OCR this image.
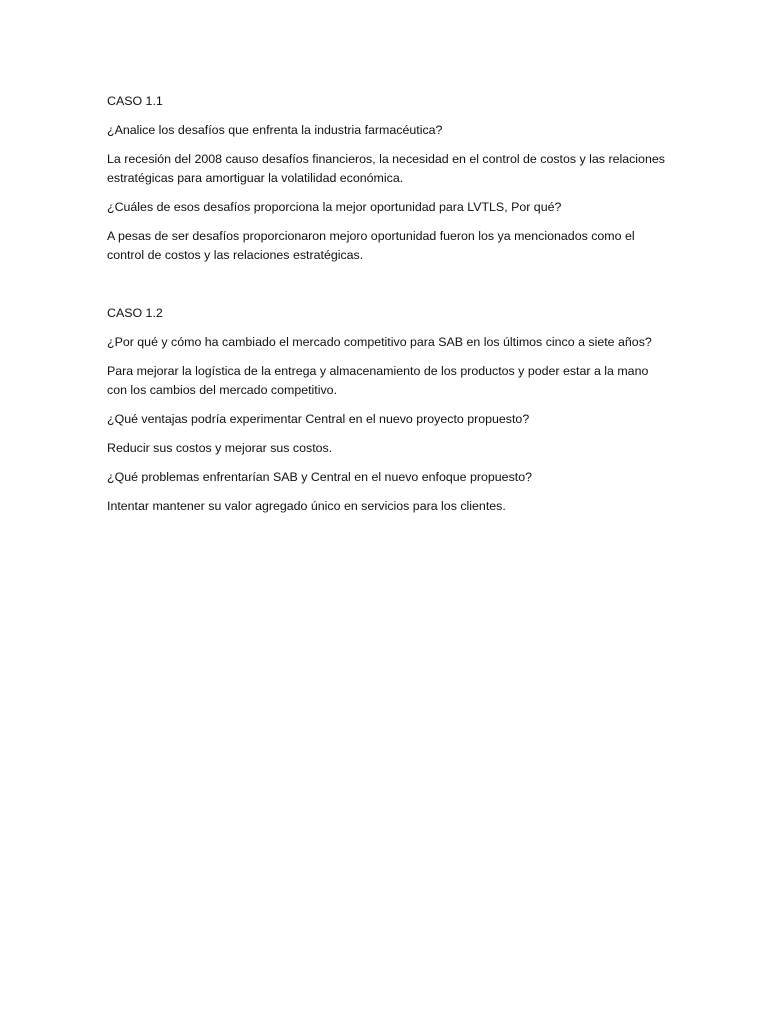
CASO 1.1
¿Analice los desafíos que enfrenta la industria farmacéutica?
La recesión del 2008 causo desafíos financieros, la necesidad en el control de costos y las relaciones estratégicas para amortiguar la volatilidad económica.
¿Cuáles de esos desafíos proporciona la mejor oportunidad para LVTLS, Por qué?
A pesas de ser desafíos proporcionaron mejoro oportunidad fueron los ya mencionados como el control de costos y las relaciones estratégicas.
CASO 1.2
¿Por qué y cómo ha cambiado el mercado competitivo para SAB en los últimos cinco a siete años?
Para mejorar la logística de la entrega y almacenamiento de los productos y poder estar a la mano con los cambios del mercado competitivo.
¿Qué ventajas podría experimentar Central en el nuevo proyecto propuesto?
Reducir sus costos y mejorar sus costos.
¿Qué problemas enfrentarían SAB y Central en el nuevo enfoque propuesto?
Intentar mantener su valor agregado único en servicios para los clientes.
